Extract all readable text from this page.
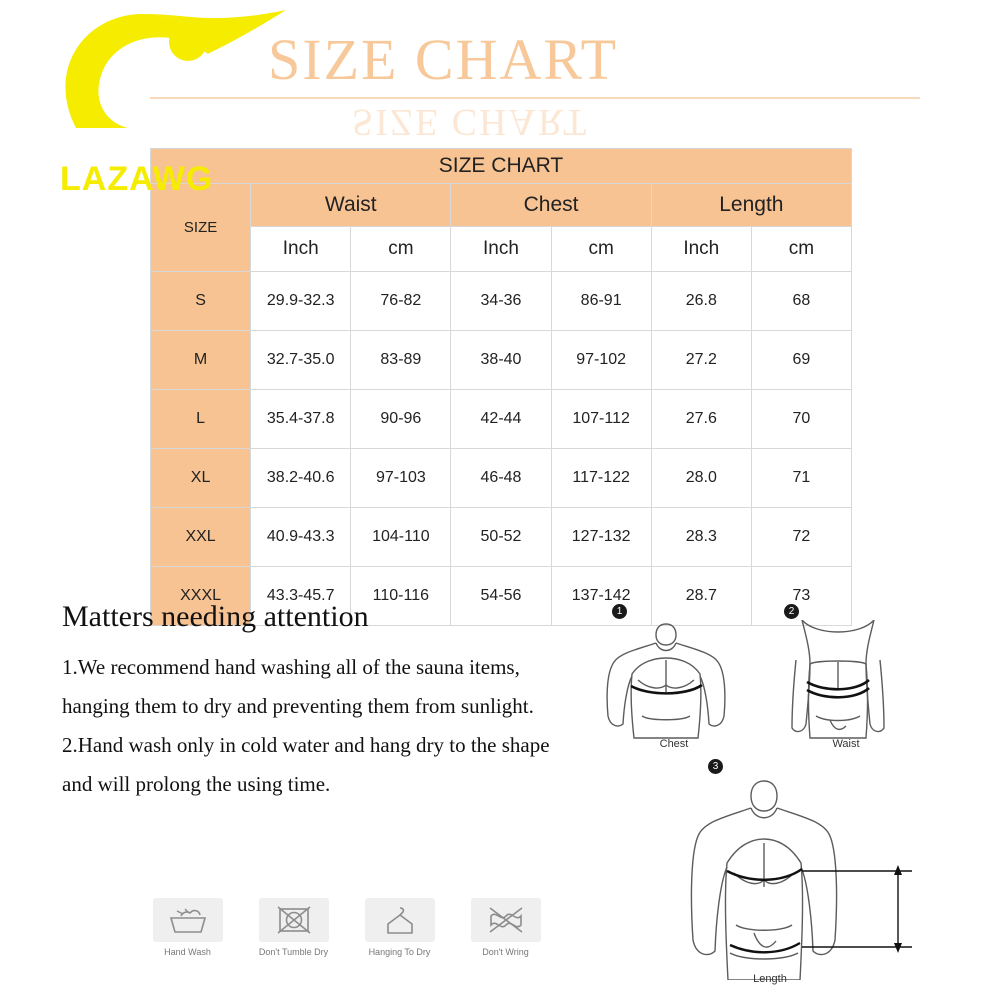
LAZAWG
SIZE CHART
SIZE CHART
SIZE CHART						
SIZE	Waist		Chest		Length	
	Inch	cm	Inch	cm	Inch	cm
S	29.9-32.3	76-82	34-36	86-91	26.8	68
M	32.7-35.0	83-89	38-40	97-102	27.2	69
L	35.4-37.8	90-96	42-44	107-112	27.6	70
XL	38.2-40.6	97-103	46-48	117-122	28.0	71
XXL	40.9-43.3	104-110	50-52	127-132	28.3	72
XXXL	43.3-45.7	110-116	54-56	137-142	28.7	73
Matters needing attention
1.We recommend hand washing all of the sauna items, hanging them to dry and preventing them from sunlight.
2.Hand wash only in cold water and hang dry to the shape and will prolong the using time.
Hand Wash	Don't Tumble Dry	Hanging To Dry	Don't Wring
1
Chest
2
Waist
3
Length
